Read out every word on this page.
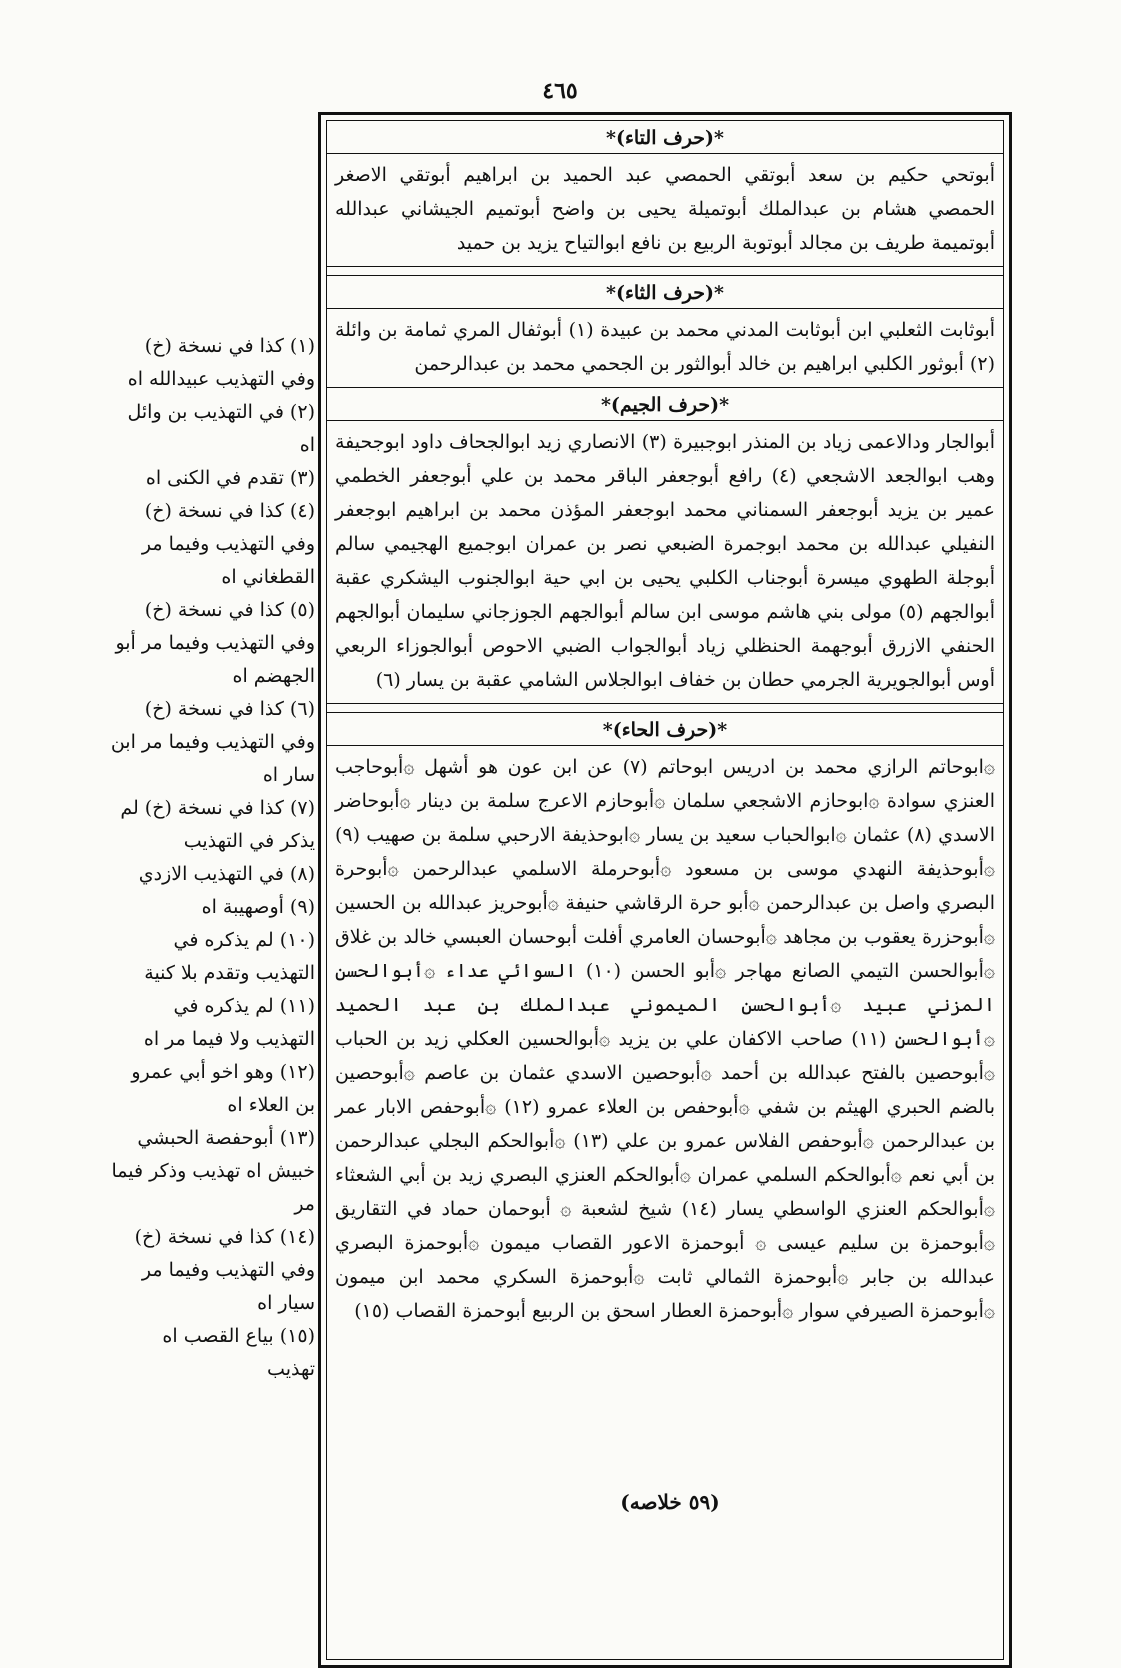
٤٦٥
(١) كذا في نسخة (خ) وفي التهذيب عبيدالله اه
(٢) في التهذيب بن وائل اه
(٣) تقدم في الكنى اه
(٤) كذا في نسخة (خ) وفي التهذيب وفيما مر القطغاني اه
(٥) كذا في نسخة (خ) وفي التهذيب وفيما مر أبو الجهضم اه
(٦) كذا في نسخة (خ) وفي التهذيب وفيما مر ابن سار اه
(٧) كذا في نسخة (خ) لم يذكر في التهذيب
(٨) في التهذيب الازدي
(٩) أوصهيبة اه
(١٠) لم يذكره في التهذيب وتقدم بلا كنية
(١١) لم يذكره في التهذيب ولا فيما مر اه
(١٢) وهو اخو أبي عمرو بن العلاء اه
(١٣) أبوحفصة الحبشي خبيش اه تهذيب وذكر فيما مر
(١٤) كذا في نسخة (خ) وفي التهذيب وفيما مر سيار اه
(١٥) بياع القصب اه تهذيب
*(حرف التاء)*
أبوتحي حكيم بن سعد أبوتقي الحمصي عبد الحميد بن ابراهيم أبوتقي الاصغر الحمصي هشام بن عبدالملك أبوتميلة يحيى بن واضح أبوتميم الجيشاني عبدالله أبوتميمة طريف بن مجالد أبوتوبة الربيع بن نافع ابوالتياح يزيد بن حميد
*(حرف الثاء)*
أبوثابت الثعلبي ابن أبوثابت المدني محمد بن عبيدة (١) أبوثفال المري ثمامة بن وائلة (٢) أبوثور الكلبي ابراهيم بن خالد أبوالثور بن الجحمي محمد بن عبدالرحمن
*(حرف الجيم)*
أبوالجار ودالاعمى زياد بن المنذر ابوجبيرة (٣) الانصاري زيد ابوالجحاف داود ابوجحيفة وهب ابوالجعد الاشجعي (٤) رافع أبوجعفر الباقر محمد بن علي أبوجعفر الخطمي عمير بن يزيد أبوجعفر السمناني محمد ابوجعفر المؤذن محمد بن ابراهيم ابوجعفر النفيلي عبدالله بن محمد ابوجمرة الضبعي نصر بن عمران ابوجميع الهجيمي سالم أبوجلة الطهوي ميسرة أبوجناب الكلبي يحيى بن ابي حية ابوالجنوب اليشكري عقبة أبوالجهم (٥) مولى بني هاشم موسى ابن سالم أبوالجهم الجوزجاني سليمان أبوالجهم الحنفي الازرق أبوجهمة الحنظلي زياد أبوالجواب الضبي الاحوص أبوالجوزاء الربعي أوس أبوالجويرية الجرمي حطان بن خفاف ابوالجلاس الشامي عقبة بن يسار (٦)
*(حرف الحاء)*
۞ابوحاتم الرازي محمد بن ادريس ابوحاتم (٧) عن ابن عون هو أشهل ۞أبوحاجب العنزي سوادة ۞ابوحازم الاشجعي سلمان ۞أبوحازم الاعرج سلمة بن دينار ۞أبوحاضر الاسدي (٨) عثمان ۞ابوالحباب سعيد بن يسار ۞ابوحذيفة الارحبي سلمة بن صهيب (٩) ۞أبوحذيفة النهدي موسى بن مسعود ۞أبوحرملة الاسلمي عبدالرحمن ۞أبوحرة البصري واصل بن عبدالرحمن ۞أبو حرة الرقاشي حنيفة ۞أبوحريز عبدالله بن الحسين ۞أبوحزرة يعقوب بن مجاهد ۞أبوحسان العامري أفلت أبوحسان العبسي خالد بن غلاق ۞أبوالحسن التيمي الصانع مهاجر ۞أبو الحسن (١٠) السوائي عداء ۞أبوالحسن المزني عبيد ۞أبوالحسن الميموني عبدالملك بن عبد الحميد ۞أبوالحسن (١١) صاحب الاكفان علي بن يزيد ۞أبوالحسين العكلي زيد بن الحباب ۞أبوحصين بالفتح عبدالله بن أحمد ۞أبوحصين الاسدي عثمان بن عاصم ۞أبوحصين بالضم الحبري الهيثم بن شفي ۞أبوحفص بن العلاء عمرو (١٢) ۞أبوحفص الابار عمر بن عبدالرحمن ۞أبوحفص الفلاس عمرو بن علي (١٣) ۞أبوالحكم البجلي عبدالرحمن بن أبي نعم ۞أبوالحكم السلمي عمران ۞أبوالحكم العنزي البصري زيد بن أبي الشعثاء ۞أبوالحكم العنزي الواسطي يسار (١٤) شيخ لشعبة ۞ أبوحمان حماد في التقاريق ۞أبوحمزة بن سليم عيسى ۞ أبوحمزة الاعور القصاب ميمون ۞أبوحمزة البصري عبدالله بن جابر ۞أبوحمزة الثمالي ثابت ۞أبوحمزة السكري محمد ابن ميمون ۞أبوحمزة الصيرفي سوار ۞أبوحمزة العطار اسحق بن الربيع أبوحمزة القصاب (١٥)
(٥٩ خلاصه)
